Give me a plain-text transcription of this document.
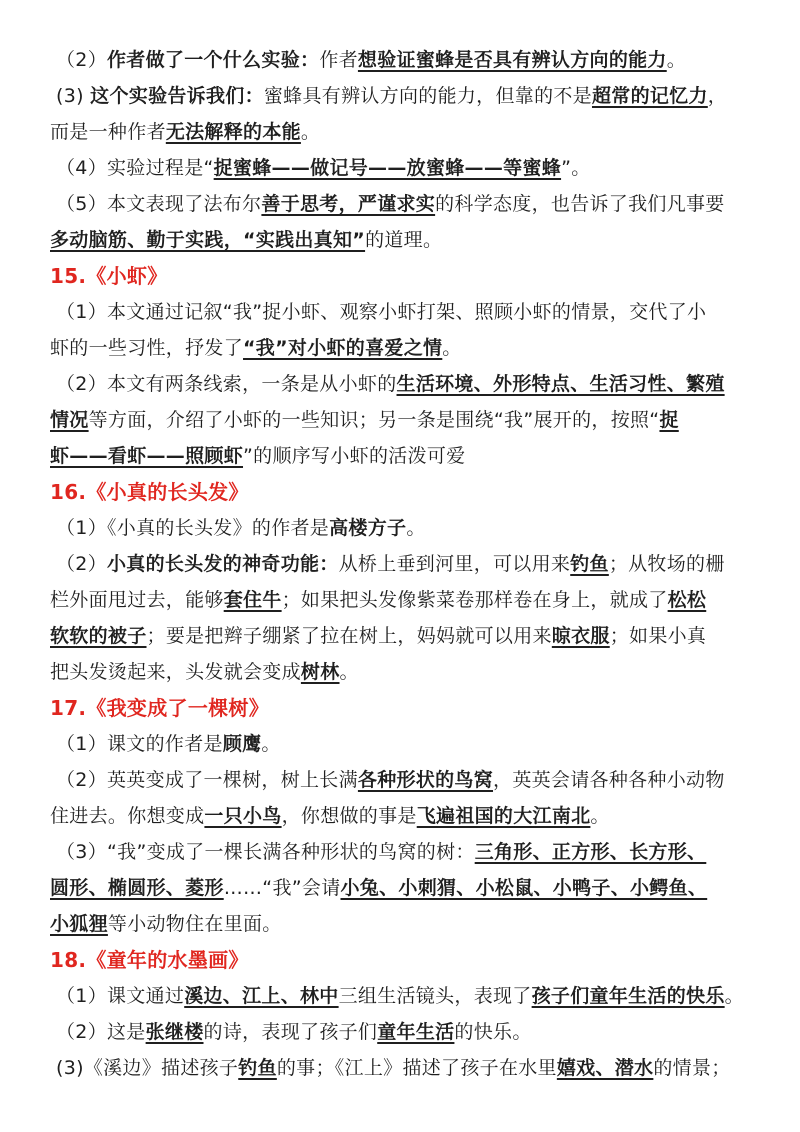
（2）作者做了一个什么实验：作者想验证蜜蜂是否具有辨认方向的能力。
(3) 这个实验告诉我们：蜜蜂具有辨认方向的能力，但靠的不是超常的记忆力，
而是一种作者无法解释的本能。
（4）实验过程是“捉蜜蜂——做记号——放蜜蜂——等蜜蜂”。
（5）本文表现了法布尔善于思考，严谨求实的科学态度，也告诉了我们凡事要
多动脑筋、勤于实践，“实践出真知”的道理。
15.《小虾》
（1）本文通过记叙“我”捉小虾、观察小虾打架、照顾小虾的情景，交代了小
虾的一些习性，抒发了“我”对小虾的喜爱之情。
（2）本文有两条线索，一条是从小虾的生活环境、外形特点、生活习性、繁殖
情况等方面，介绍了小虾的一些知识；另一条是围绕“我”展开的，按照“捉
虾——看虾——照顾虾”的顺序写小虾的活泼可爱
16.《小真的长头发》
（1）《小真的长头发》的作者是高楼方子。
（2）小真的长头发的神奇功能：从桥上垂到河里，可以用来钓鱼；从牧场的栅
栏外面甩过去，能够套住牛；如果把头发像紫菜卷那样卷在身上，就成了松松
软软的被子；要是把辫子绷紧了拉在树上，妈妈就可以用来晾衣服；如果小真
把头发烫起来，头发就会变成树林。
17.《我变成了一棵树》
（1）课文的作者是顾鹰。
（2）英英变成了一棵树，树上长满各种形状的鸟窝，英英会请各种各种小动物
住进去。你想变成一只小鸟，你想做的事是飞遍祖国的大江南北。
（3）“我”变成了一棵长满各种形状的鸟窝的树：三角形、正方形、长方形、
圆形、椭圆形、菱形……“我”会请小兔、小刺猬、小松鼠、小鸭子、小鳄鱼、
小狐狸等小动物住在里面。
18.《童年的水墨画》
（1）课文通过溪边、江上、林中三组生活镜头，表现了孩子们童年生活的快乐。
（2）这是张继楼的诗，表现了孩子们童年生活的快乐。
(3)《溪边》描述孩子钓鱼的事；《江上》描述了孩子在水里嬉戏、潜水的情景；
